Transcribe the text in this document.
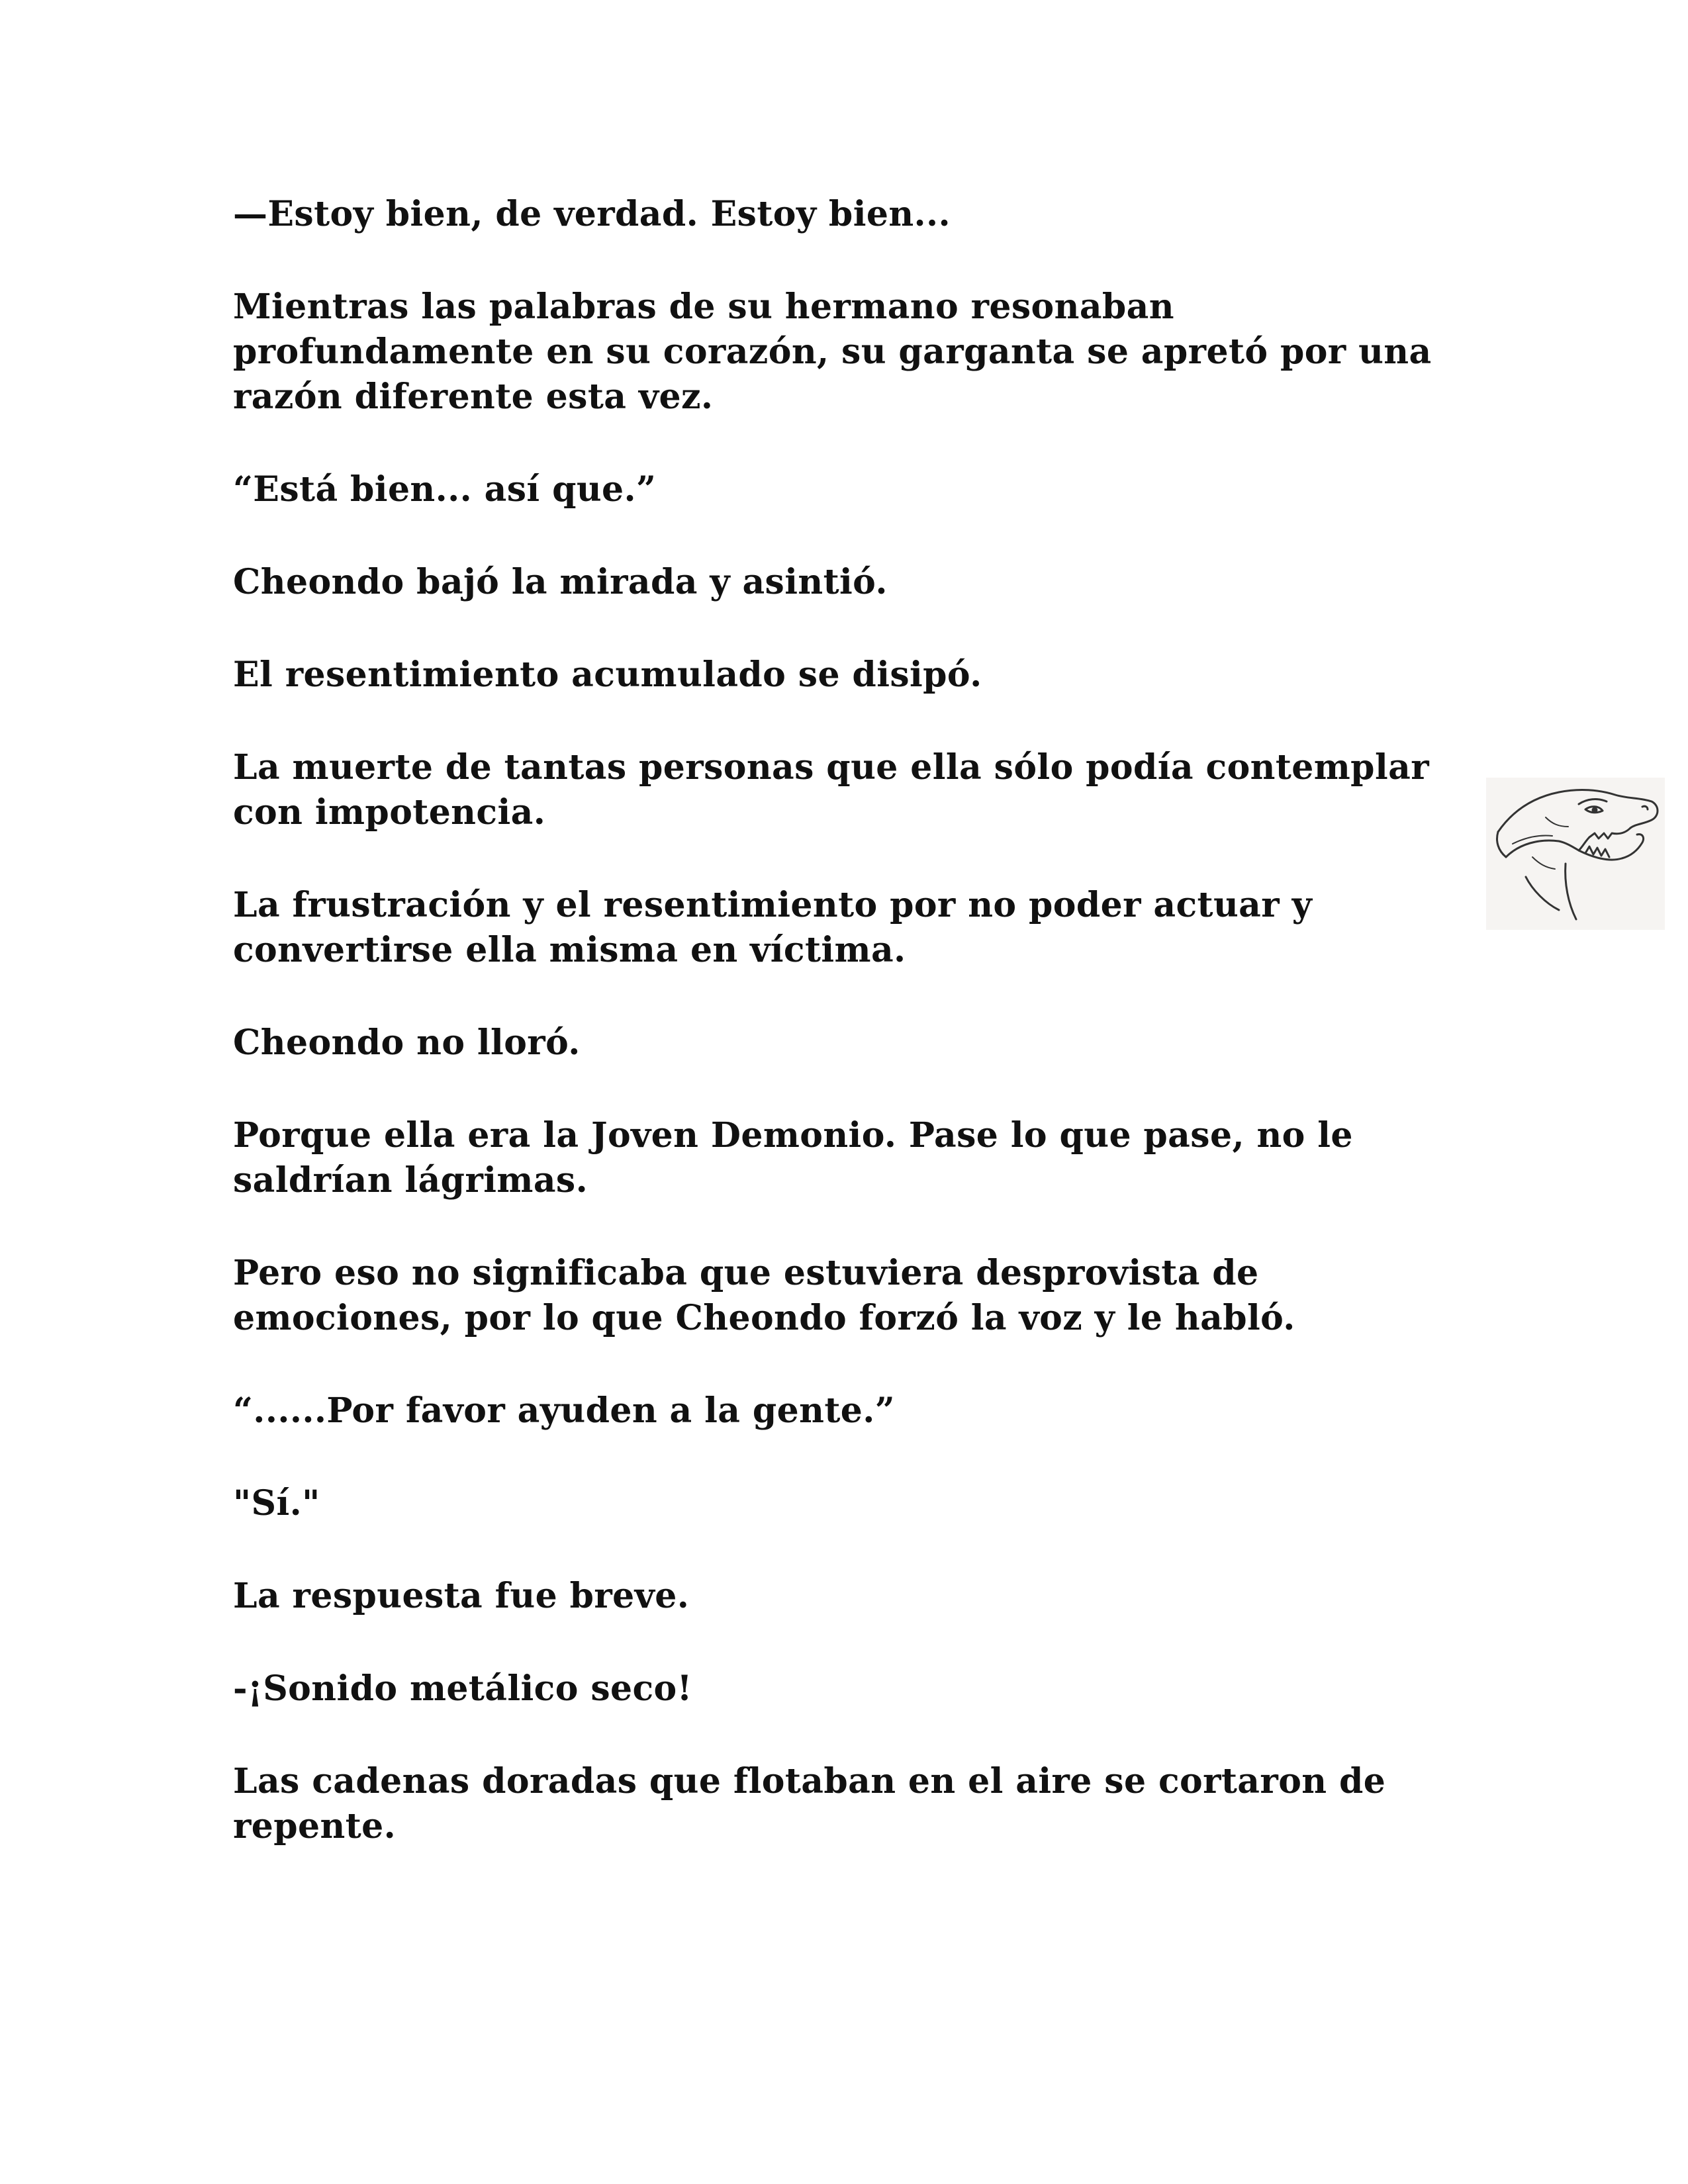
—Estoy bien, de verdad. Estoy bien...

Mientras las palabras de su hermano resonaban
profundamente en su corazón, su garganta se apretó por una
razón diferente esta vez.

“Está bien... así que.”

Cheondo bajó la mirada y asintió.

El resentimiento acumulado se disipó.

La muerte de tantas personas que ella sólo podía contemplar
con impotencia.

La frustración y el resentimiento por no poder actuar y
convertirse ella misma en víctima.

Cheondo no lloró.

Porque ella era la Joven Demonio. Pase lo que pase, no le
saldrían lágrimas.

Pero eso no significaba que estuviera desprovista de
emociones, por lo que Cheondo forzó la voz y le habló.

“......Por favor ayuden a la gente.”

"Sí."

La respuesta fue breve.

-¡Sonido metálico seco!

Las cadenas doradas que flotaban en el aire se cortaron de
repente.
